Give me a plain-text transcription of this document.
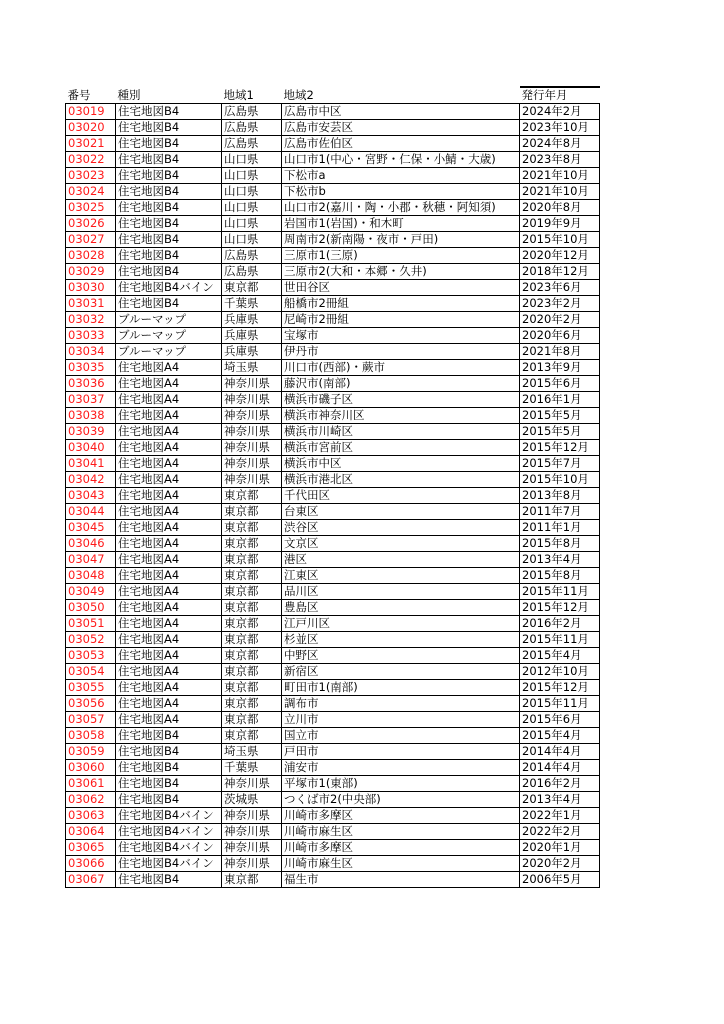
番号	種別	地域1	地域2	発行年月
03019	住宅地図B4	広島県	広島市中区	2024年2月
03020	住宅地図B4	広島県	広島市安芸区	2023年10月
03021	住宅地図B4	広島県	広島市佐伯区	2024年8月
03022	住宅地図B4	山口県	山口市1(中心・宮野・仁保・小鯖・大歳)	2023年8月
03023	住宅地図B4	山口県	下松市a	2021年10月
03024	住宅地図B4	山口県	下松市b	2021年10月
03025	住宅地図B4	山口県	山口市2(嘉川・陶・小郡・秋穂・阿知須)	2020年8月
03026	住宅地図B4	山口県	岩国市1(岩国)・和木町	2019年9月
03027	住宅地図B4	山口県	周南市2(新南陽・夜市・戸田)	2015年10月
03028	住宅地図B4	広島県	三原市1(三原)	2020年12月
03029	住宅地図B4	広島県	三原市2(大和・本郷・久井)	2018年12月
03030	住宅地図B4バイン	東京都	世田谷区	2023年6月
03031	住宅地図B4	千葉県	船橋市2冊組	2023年2月
03032	ブルーマップ	兵庫県	尼崎市2冊組	2020年2月
03033	ブルーマップ	兵庫県	宝塚市	2020年6月
03034	ブルーマップ	兵庫県	伊丹市	2021年8月
03035	住宅地図A4	埼玉県	川口市(西部)・蕨市	2013年9月
03036	住宅地図A4	神奈川県	藤沢市(南部)	2015年6月
03037	住宅地図A4	神奈川県	横浜市磯子区	2016年1月
03038	住宅地図A4	神奈川県	横浜市神奈川区	2015年5月
03039	住宅地図A4	神奈川県	横浜市川崎区	2015年5月
03040	住宅地図A4	神奈川県	横浜市宮前区	2015年12月
03041	住宅地図A4	神奈川県	横浜市中区	2015年7月
03042	住宅地図A4	神奈川県	横浜市港北区	2015年10月
03043	住宅地図A4	東京都	千代田区	2013年8月
03044	住宅地図A4	東京都	台東区	2011年7月
03045	住宅地図A4	東京都	渋谷区	2011年1月
03046	住宅地図A4	東京都	文京区	2015年8月
03047	住宅地図A4	東京都	港区	2013年4月
03048	住宅地図A4	東京都	江東区	2015年8月
03049	住宅地図A4	東京都	品川区	2015年11月
03050	住宅地図A4	東京都	豊島区	2015年12月
03051	住宅地図A4	東京都	江戸川区	2016年2月
03052	住宅地図A4	東京都	杉並区	2015年11月
03053	住宅地図A4	東京都	中野区	2015年4月
03054	住宅地図A4	東京都	新宿区	2012年10月
03055	住宅地図A4	東京都	町田市1(南部)	2015年12月
03056	住宅地図A4	東京都	調布市	2015年11月
03057	住宅地図A4	東京都	立川市	2015年6月
03058	住宅地図B4	東京都	国立市	2015年4月
03059	住宅地図B4	埼玉県	戸田市	2014年4月
03060	住宅地図B4	千葉県	浦安市	2014年4月
03061	住宅地図B4	神奈川県	平塚市1(東部)	2016年2月
03062	住宅地図B4	茨城県	つくば市2(中央部)	2013年4月
03063	住宅地図B4バイン	神奈川県	川崎市多摩区	2022年1月
03064	住宅地図B4バイン	神奈川県	川崎市麻生区	2022年2月
03065	住宅地図B4バイン	神奈川県	川崎市多摩区	2020年1月
03066	住宅地図B4バイン	神奈川県	川崎市麻生区	2020年2月
03067	住宅地図B4	東京都	福生市	2006年5月
